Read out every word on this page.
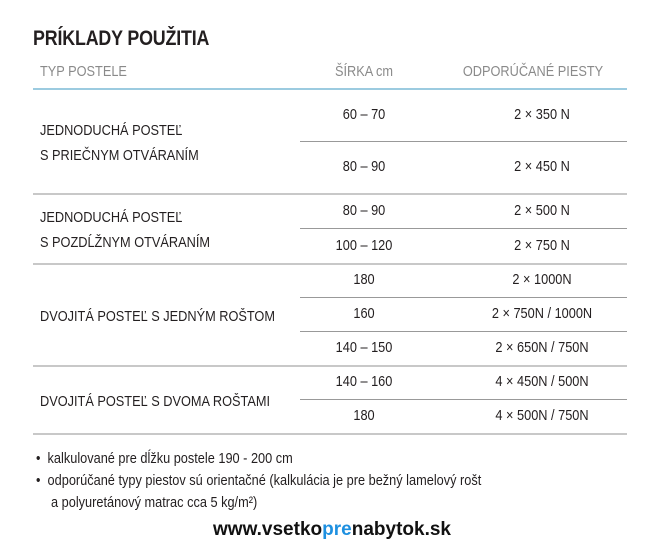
PRÍKLADY POUŽITIA
TYP POSTELE	ŠÍRKA cm	ODPORÚČANÉ PIESTY
JEDNODUCHÁ POSTEĽ
S PRIEČNYM OTVÁRANÍM
60 – 70	2 × 350 N
80 – 90	2 × 450 N
JEDNODUCHÁ POSTEĽ
S POZDĹŽNYM OTVÁRANÍM
80 – 90	2 × 500 N
100 – 120	2 × 750 N
DVOJITÁ POSTEĽ S JEDNÝM ROŠTOM
180	2 × 1000N
160	2 × 750N / 1000N
140 – 150	2 × 650N / 750N
DVOJITÁ POSTEĽ S DVOMA ROŠTAMI
140 – 160	4 × 450N / 500N
180	4 × 500N / 750N
•  kalkulované pre dĺžku postele 190 - 200 cm
•  odporúčané typy piestov sú orientačné (kalkulácia je pre bežný lamelový rošt
a polyuretánový matrac cca 5 kg/m²)
www.vsetkoprenabytok.sk
